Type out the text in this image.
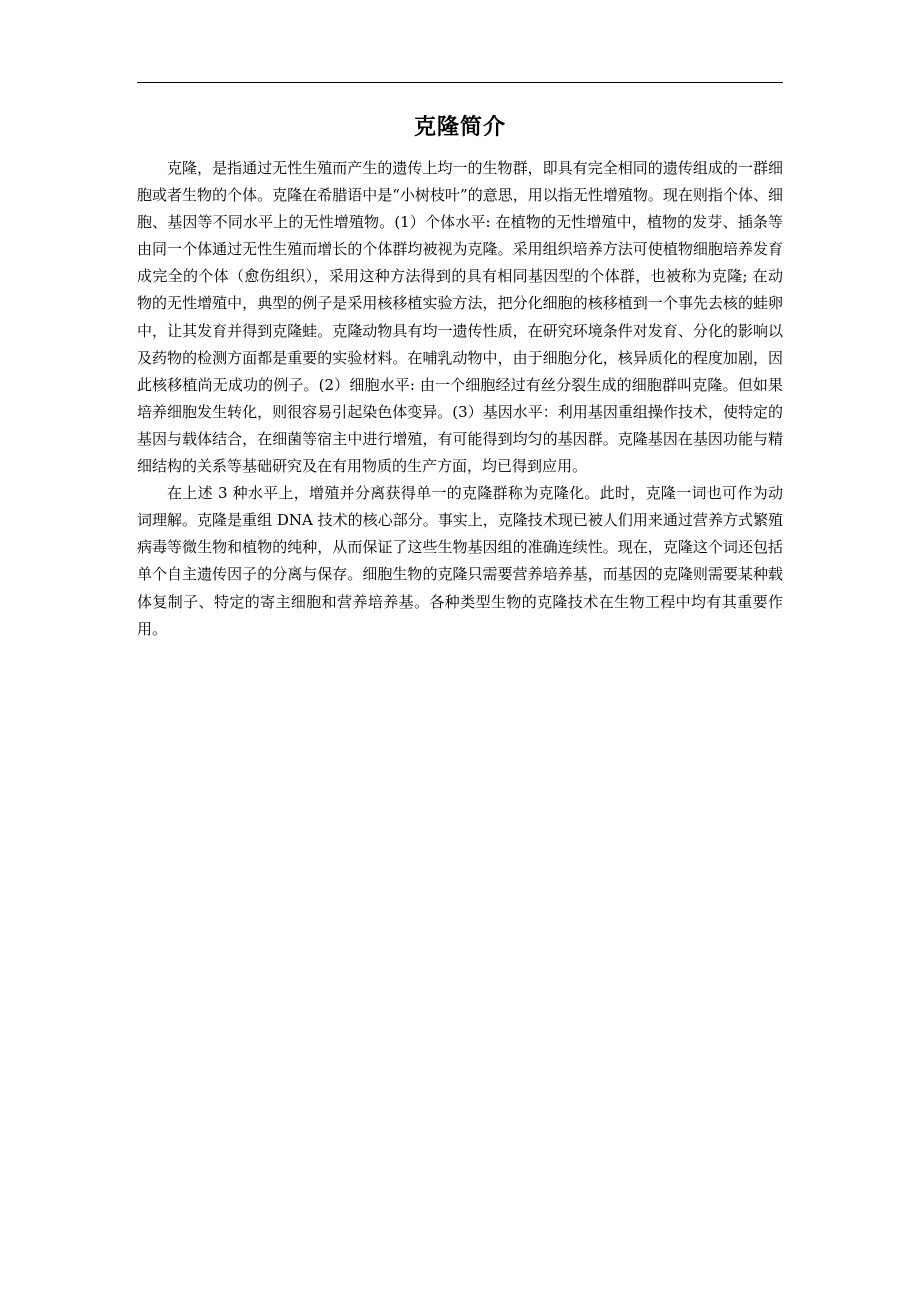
克隆简介

克隆，是指通过无性生殖而产生的遗传上均一的生物群，即具有完全相同的遗传组成的一群细胞或者生物的个体。克隆在希腊语中是“小树枝叶”的意思，用以指无性增殖物。现在则指个体、细胞、基因等不同水平上的无性增殖物。(1）个体水平: 在植物的无性增殖中，植物的发芽、插条等由同一个体通过无性生殖而增长的个体群均被视为克隆。采用组织培养方法可使植物细胞培养发育成完全的个体（愈伤组织），采用这种方法得到的具有相同基因型的个体群，也被称为克隆; 在动物的无性增殖中，典型的例子是采用核移植实验方法，把分化细胞的核移植到一个事先去核的蛙卵中，让其发育并得到克隆蛙。克隆动物具有均一遗传性质，在研究环境条件对发育、分化的影响以及药物的检测方面都是重要的实验材料。在哺乳动物中，由于细胞分化，核异质化的程度加剧，因此核移植尚无成功的例子。(2）细胞水平: 由一个细胞经过有丝分裂生成的细胞群叫克隆。但如果培养细胞发生转化，则很容易引起染色体变异。(3）基因水平：利用基因重组操作技术，使特定的基因与载体结合，在细菌等宿主中进行增殖，有可能得到均匀的基因群。克隆基因在基因功能与精细结构的关系等基础研究及在有用物质的生产方面，均已得到应用。

在上述 3 种水平上，增殖并分离获得单一的克隆群称为克隆化。此时，克隆一词也可作为动词理解。克隆是重组 DNA 技术的核心部分。事实上，克隆技术现已被人们用来通过营养方式繁殖病毒等微生物和植物的纯种，从而保证了这些生物基因组的准确连续性。现在，克隆这个词还包括单个自主遗传因子的分离与保存。细胞生物的克隆只需要营养培养基，而基因的克隆则需要某种载体复制子、特定的寄主细胞和营养培养基。各种类型生物的克隆技术在生物工程中均有其重要作用。
